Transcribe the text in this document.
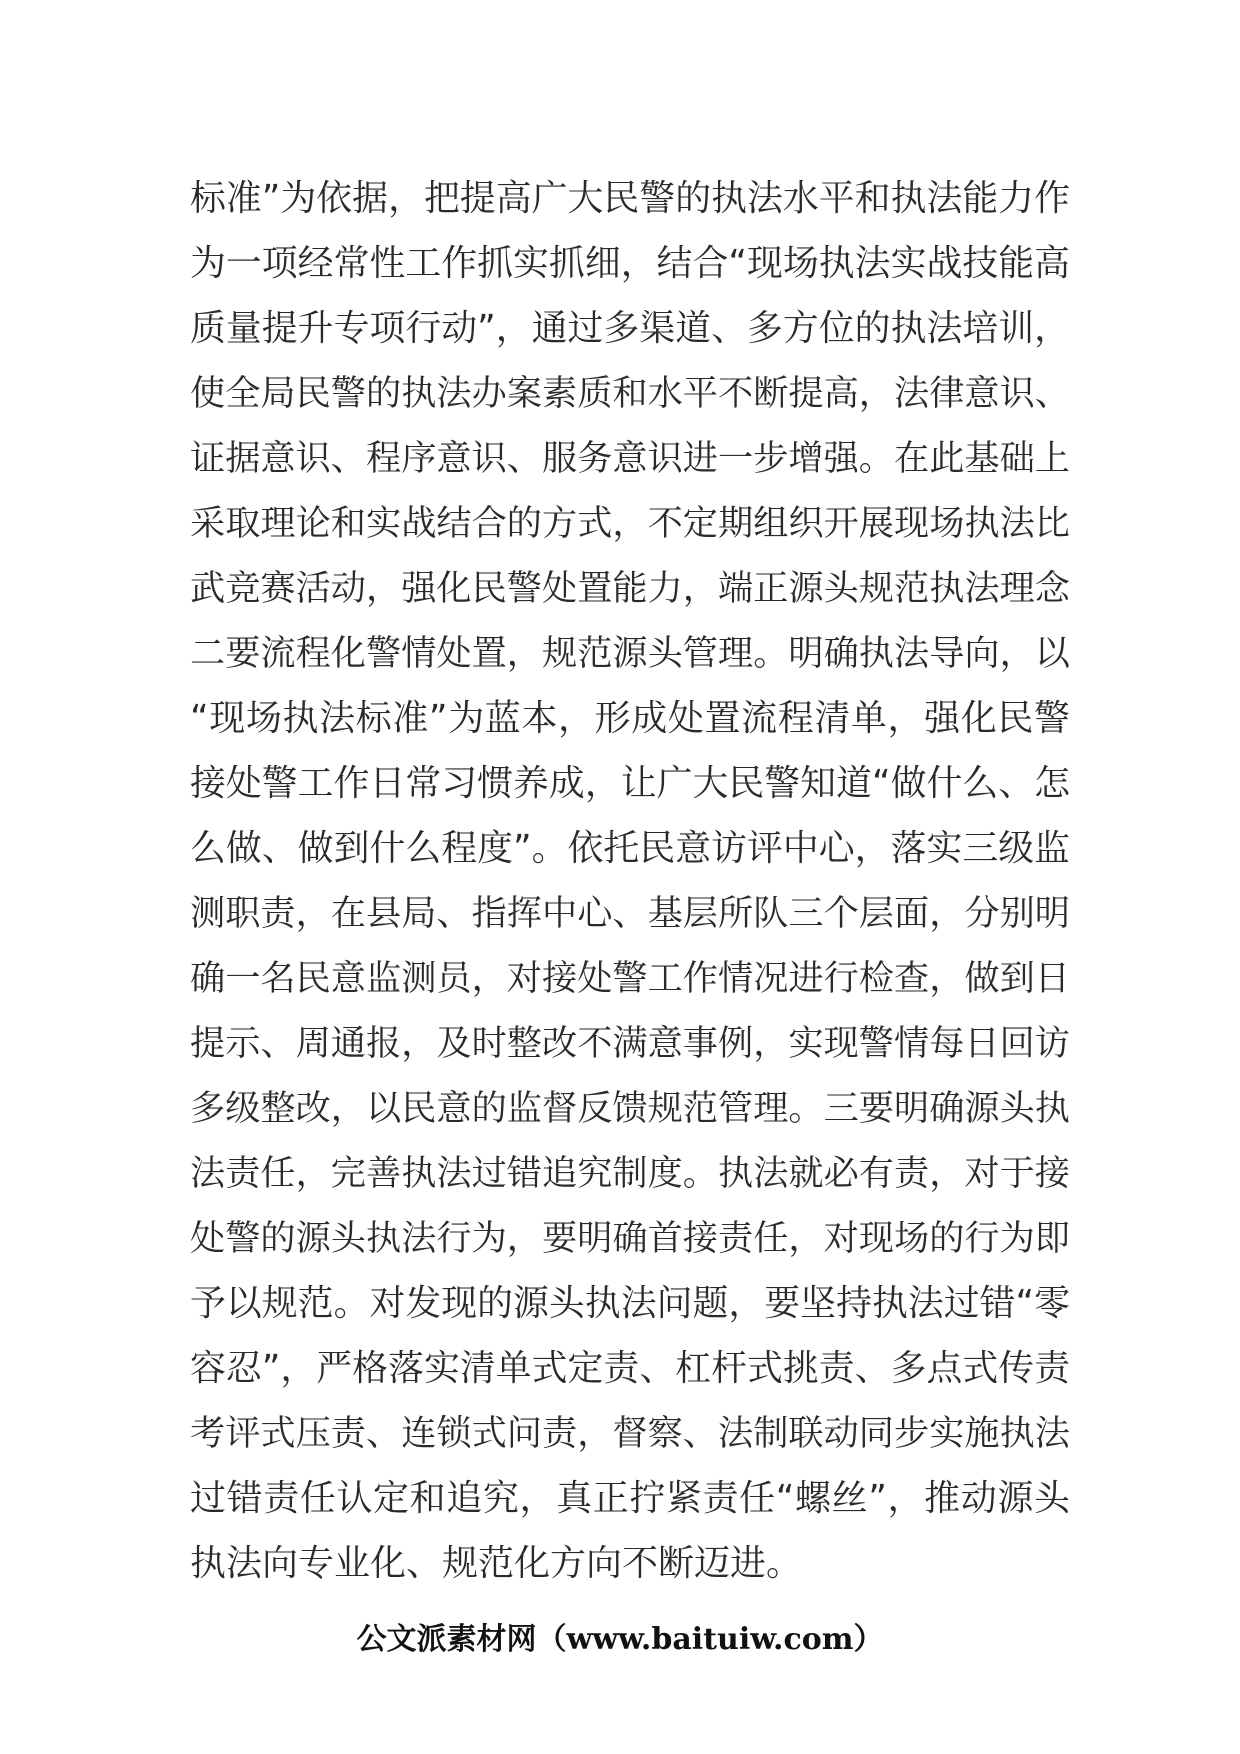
标准”为依据，把提高广大民警的执法水平和执法能力作
为一项经常性工作抓实抓细，结合“现场执法实战技能高
质量提升专项行动”，通过多渠道、多方位的执法培训，
使全局民警的执法办案素质和水平不断提高，法律意识、
证据意识、程序意识、服务意识进一步增强。在此基础上
采取理论和实战结合的方式，不定期组织开展现场执法比
武竞赛活动，强化民警处置能力，端正源头规范执法理念
二要流程化警情处置，规范源头管理。明确执法导向，以
“现场执法标准”为蓝本，形成处置流程清单，强化民警
接处警工作日常习惯养成，让广大民警知道“做什么、怎
么做、做到什么程度”。依托民意访评中心，落实三级监
测职责，在县局、指挥中心、基层所队三个层面，分别明
确一名民意监测员，对接处警工作情况进行检查，做到日
提示、周通报，及时整改不满意事例，实现警情每日回访
多级整改，以民意的监督反馈规范管理。三要明确源头执
法责任，完善执法过错追究制度。执法就必有责，对于接
处警的源头执法行为，要明确首接责任，对现场的行为即
予以规范。对发现的源头执法问题，要坚持执法过错“零
容忍”，严格落实清单式定责、杠杆式挑责、多点式传责
考评式压责、连锁式问责，督察、法制联动同步实施执法
过错责任认定和追究，真正拧紧责任“螺丝”，推动源头
执法向专业化、规范化方向不断迈进。
公文派素材网（www.baituiw.com）
